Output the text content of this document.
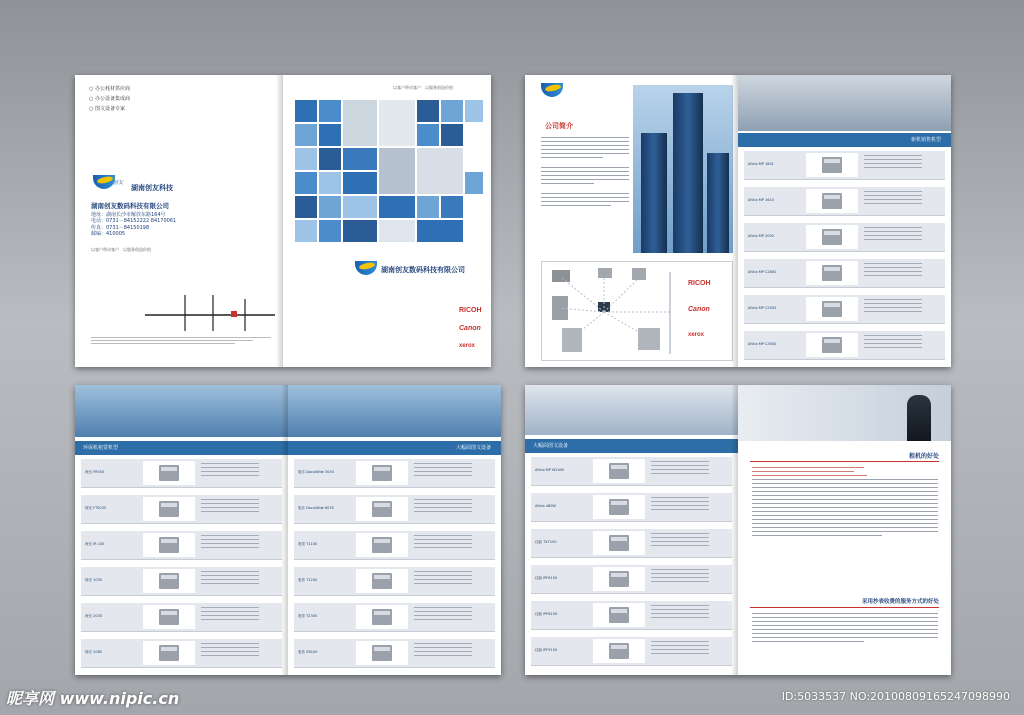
○ 办公耗材供应商
○ 办公设备集成商
○ 图文设备专家
创友
湖南创友科技
湖南创友数码科技有限公司
地址：湖南长沙市解放东路164号
电话：0731－84152222 84170061
传真：0731－84150198
邮编：410005
以客户带动客户　以服务创造价值
以客户带动客户　以服务创造价值
湖南创友数码科技有限公司
RICOH
Canon
xerox
公司简介
RICOH
Canon
xerox
新机销售机型
Aficio MP 1801
Aficio MP 1610
Aficio MP 2000
Aficio MP C2800
Aficio MP C2500
Aficio MP C3500
环保机租赁机型
理光 FR550
理光 FT5035
理光 IR 105
理光 1035
理光 2035
理光 2060
大幅面图文设备
施乐 DocuWide 3030
施乐 DocuWide 6035
惠普 T1100
惠普 T1200
惠普 T2300
惠普 Z6100
大幅面图文设备
Aficio MP W2400
Aficio 480W
佳能 TX7100
佳能 IPF6100
佳能 IPF8100
佳能 IPF9100
租机的好处
采用抄表收费的服务方式的好处
昵享网 www.nipic.cn	ID:5033537 NO:20100809165247098990
